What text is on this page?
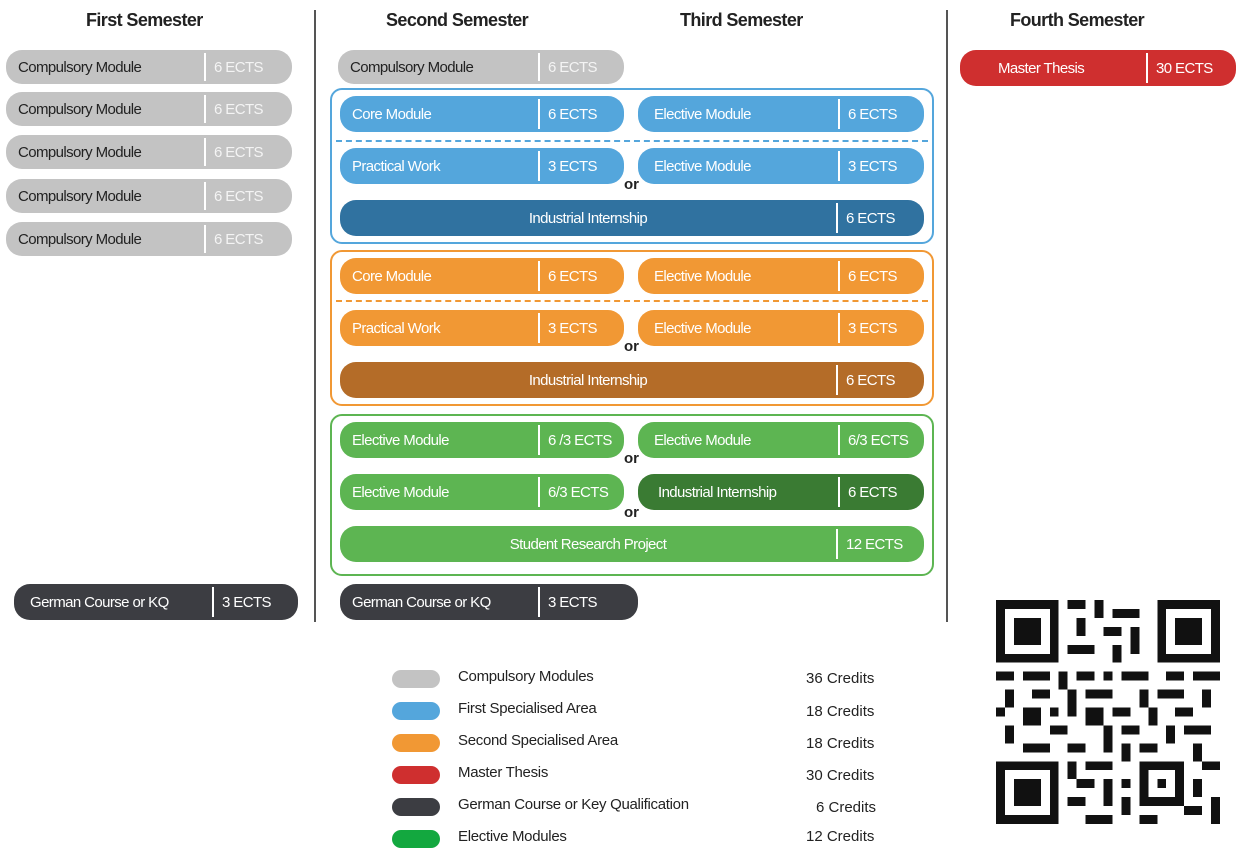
First Semester	Second Semester	Third Semester	Fourth Semester
Compulsory Module	6 ECTS
Compulsory Module	6 ECTS
Compulsory Module	6 ECTS
Compulsory Module	6 ECTS
Compulsory Module	6 ECTS
German Course or KQ	3 ECTS
Compulsory Module	6 ECTS
Core Module	6 ECTS	Elective Module	6 ECTS
Practical Work	3 ECTS	Elective Module	3 ECTS
or
Industrial Internship	6 ECTS
Core Module	6 ECTS	Elective Module	6 ECTS
Practical Work	3 ECTS	Elective Module	3 ECTS
or
Industrial Internship	6 ECTS
Elective Module	6 /3 ECTS	Elective Module	6/3 ECTS
or
Elective Module	6/3 ECTS	Industrial Internship	6 ECTS
or
Student Research Project	12 ECTS
German Course or KQ	3 ECTS
Master Thesis	30 ECTS
Compulsory Modules	36 Credits
First Specialised Area	18 Credits
Second Specialised Area	18 Credits
Master Thesis	30 Credits
German Course or Key Qualification	6 Credits
Elective Modules	12 Credits
